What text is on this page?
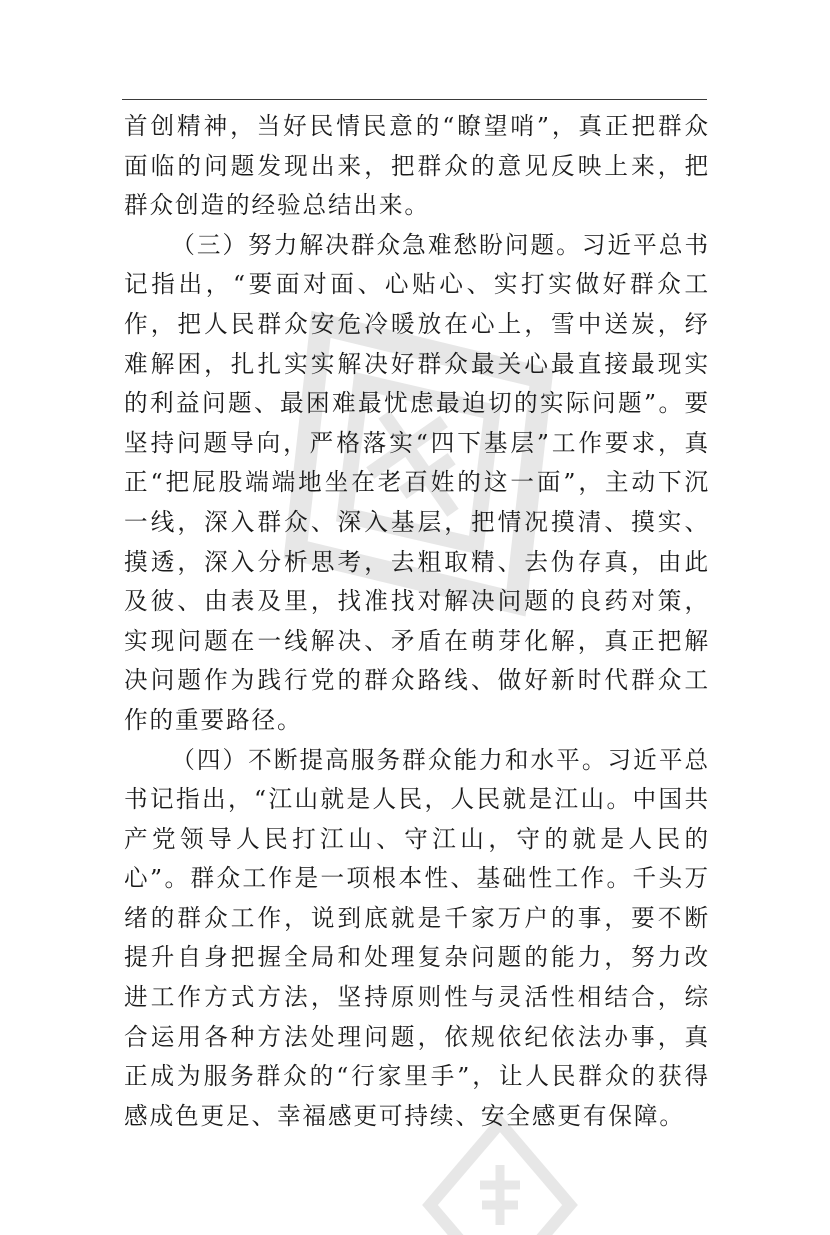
首创精神，当好民情民意的“瞭望哨”，真正把群众面临的问题发现出来，把群众的意见反映上来，把群众创造的经验总结出来。

（三）努力解决群众急难愁盼问题。习近平总书记指出，“要面对面、心贴心、实打实做好群众工作，把人民群众安危冷暖放在心上，雪中送炭，纾难解困，扎扎实实解决好群众最关心最直接最现实的利益问题、最困难最忧虑最迫切的实际问题”。要坚持问题导向，严格落实“四下基层”工作要求，真正“把屁股端端地坐在老百姓的这一面”，主动下沉一线，深入群众、深入基层，把情况摸清、摸实、摸透，深入分析思考，去粗取精、去伪存真，由此及彼、由表及里，找准找对解决问题的良药对策，实现问题在一线解决、矛盾在萌芽化解，真正把解决问题作为践行党的群众路线、做好新时代群众工作的重要路径。

（四）不断提高服务群众能力和水平。习近平总书记指出，“江山就是人民，人民就是江山。中国共产党领导人民打江山、守江山，守的就是人民的心”。群众工作是一项根本性、基础性工作。千头万绪的群众工作，说到底就是千家万户的事，要不断提升自身把握全局和处理复杂问题的能力，努力改进工作方式方法，坚持原则性与灵活性相结合，综合运用各种方法处理问题，依规依纪依法办事，真正成为服务群众的“行家里手”，让人民群众的获得感成色更足、幸福感更可持续、安全感更有保障。
